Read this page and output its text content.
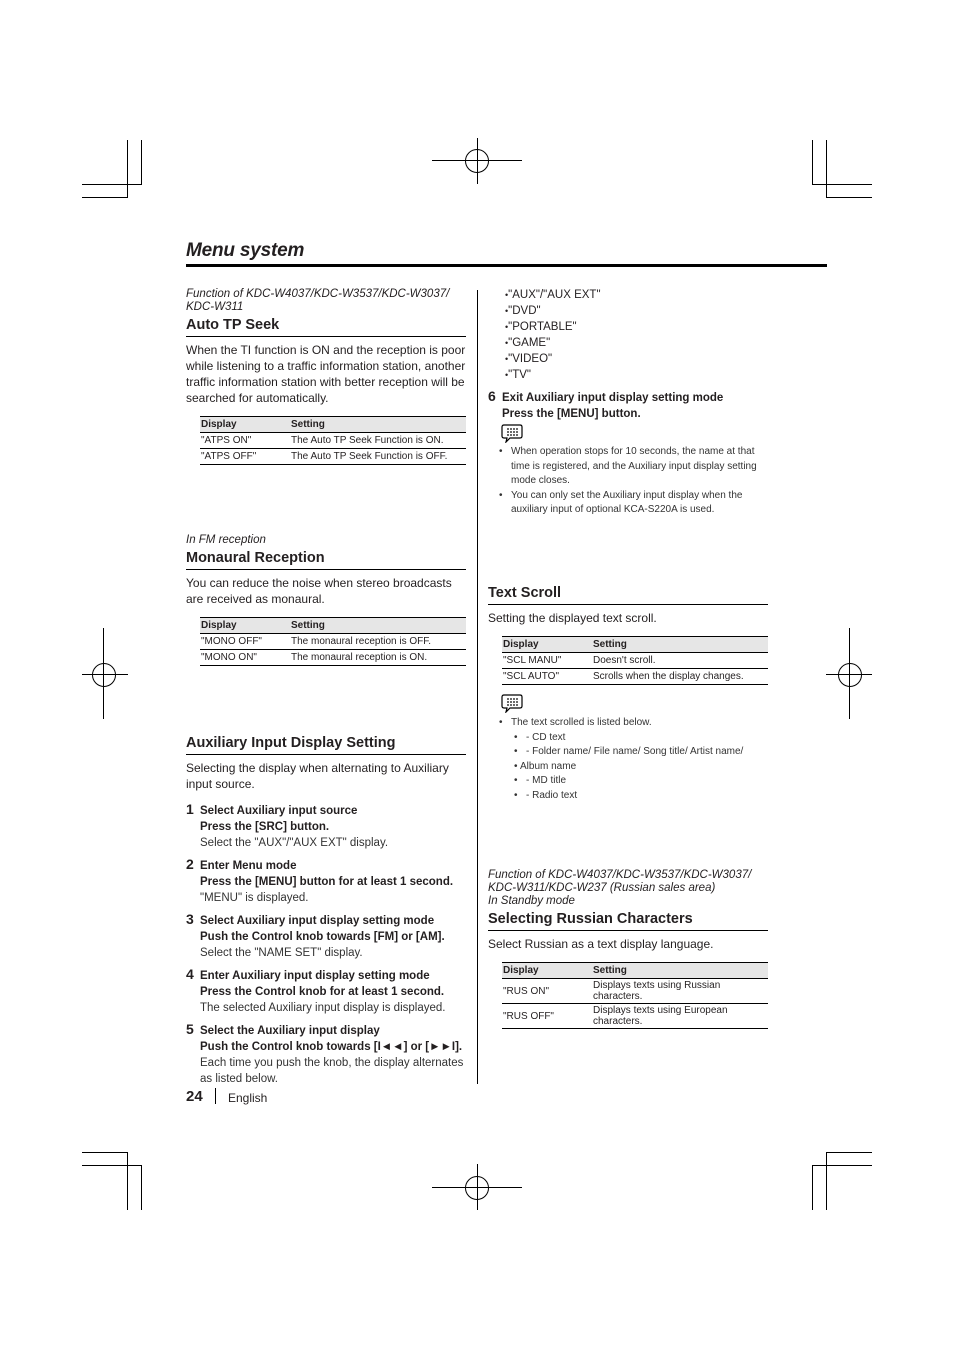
Menu system
Function of KDC-W4037/KDC-W3537/KDC-W3037/ KDC-W311
Auto TP Seek
When the TI function is ON and the reception is poor while listening to a traffic information station, another traffic information station with better reception will be searched for automatically.
Display	Setting
"ATPS ON"	The Auto TP Seek Function is ON.
"ATPS OFF"	The Auto TP Seek Function is OFF.
In FM reception
Monaural Reception
You can reduce the noise when stereo broadcasts are received as monaural.
Display	Setting
"MONO OFF"	The monaural reception is OFF.
"MONO ON"	The monaural reception is ON.
Auxiliary Input Display Setting
Selecting the display when alternating to Auxiliary input source.
1 Select Auxiliary input source
Press the [SRC] button.
Select the "AUX"/"AUX EXT" display.
2 Enter Menu mode
Press the [MENU] button for at least 1 second.
"MENU" is displayed.
3 Select Auxiliary input display setting mode
Push the Control knob towards [FM] or [AM].
Select the "NAME SET" display.
4 Enter Auxiliary input display setting mode
Press the Control knob for at least 1 second.
The selected Auxiliary input display is displayed.
5 Select the Auxiliary input display
Push the Control knob towards [I◄◄] or [►►I].
Each time you push the knob, the display alternates
as listed below.
24 English
• "AUX"/"AUX EXT"
• "DVD"
• "PORTABLE"
• "GAME"
• "VIDEO"
• "TV"
6 Exit Auxiliary input display setting mode
Press the [MENU] button.
• When operation stops for 10 seconds, the name at that time is registered, and the Auxiliary input display setting mode closes.
• You can only set the Auxiliary input display when the auxiliary input of optional KCA-S220A is used.
Text Scroll
Setting the displayed text scroll.
Display	Setting
"SCL MANU"	Doesn't scroll.
"SCL AUTO"	Scrolls when the display changes.
• The text scrolled is listed below.
• - CD text
• - Folder name/ File name/ Song title/ Artist name/
• Album name
• - MD title
• - Radio text
Function of KDC-W4037/KDC-W3537/KDC-W3037/
KDC-W311/KDC-W237 (Russian sales area)
In Standby mode
Selecting Russian Characters
Select Russian as a text display language.
Display	Setting
"RUS ON"	Displays texts using Russian characters.
"RUS OFF"	Displays texts using European characters.
